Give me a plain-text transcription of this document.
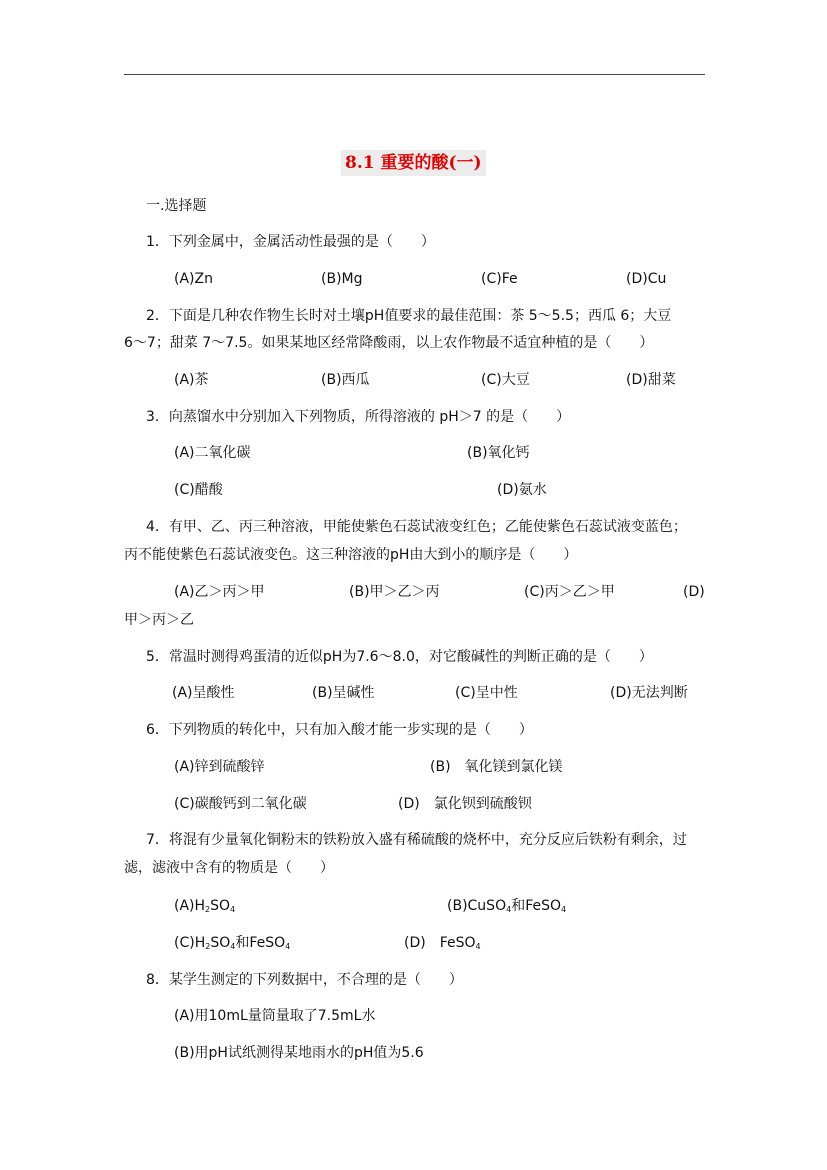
8.1 重要的酸(一)
一.选择题
1．下列金属中，金属活动性最强的是（　　）
(A)Zn	(B)Mg	(C)Fe	(D)Cu
2．下面是几种农作物生长时对土壤pH值要求的最佳范围：茶 5～5.5；西瓜 6；大豆
6～7；甜菜 7～7.5。如果某地区经常降酸雨，以上农作物最不适宜种植的是（　　）
(A)茶	(B)西瓜	(C)大豆	(D)甜菜
3．向蒸馏水中分别加入下列物质，所得溶液的 pH＞7 的是（　　）
(A)二氧化碳	(B)氧化钙
(C)醋酸	(D)氨水
4．有甲、乙、丙三种溶液，甲能使紫色石蕊试液变红色；乙能使紫色石蕊试液变蓝色；
丙不能使紫色石蕊试液变色。这三种溶液的pH由大到小的顺序是（　　）
(A)乙＞丙＞甲	(B)甲＞乙＞丙	(C)丙＞乙＞甲	(D)
甲＞丙＞乙
5．常温时测得鸡蛋清的近似pH为7.6～8.0，对它酸碱性的判断正确的是（　　）
(A)呈酸性	(B)呈碱性	(C)呈中性	(D)无法判断
6．下列物质的转化中，只有加入酸才能一步实现的是（　　）
(A)锌到硫酸锌	(B)　氧化镁到氯化镁
(C)碳酸钙到二氧化碳	(D)　氯化钡到硫酸钡
7．将混有少量氧化铜粉末的铁粉放入盛有稀硫酸的烧杯中，充分反应后铁粉有剩余，过
滤，滤液中含有的物质是（　　）
$(A)H_2SO_4$	(B)CuSO$_4$和FeSO$_4$
$(C)H_2SO_4$和FeSO$_4$	(D)　FeSO$_4$
8．某学生测定的下列数据中，不合理的是（　　）
(A)用10mL量筒量取了7.5mL水
(B)用pH试纸测得某地雨水的pH值为5.6
